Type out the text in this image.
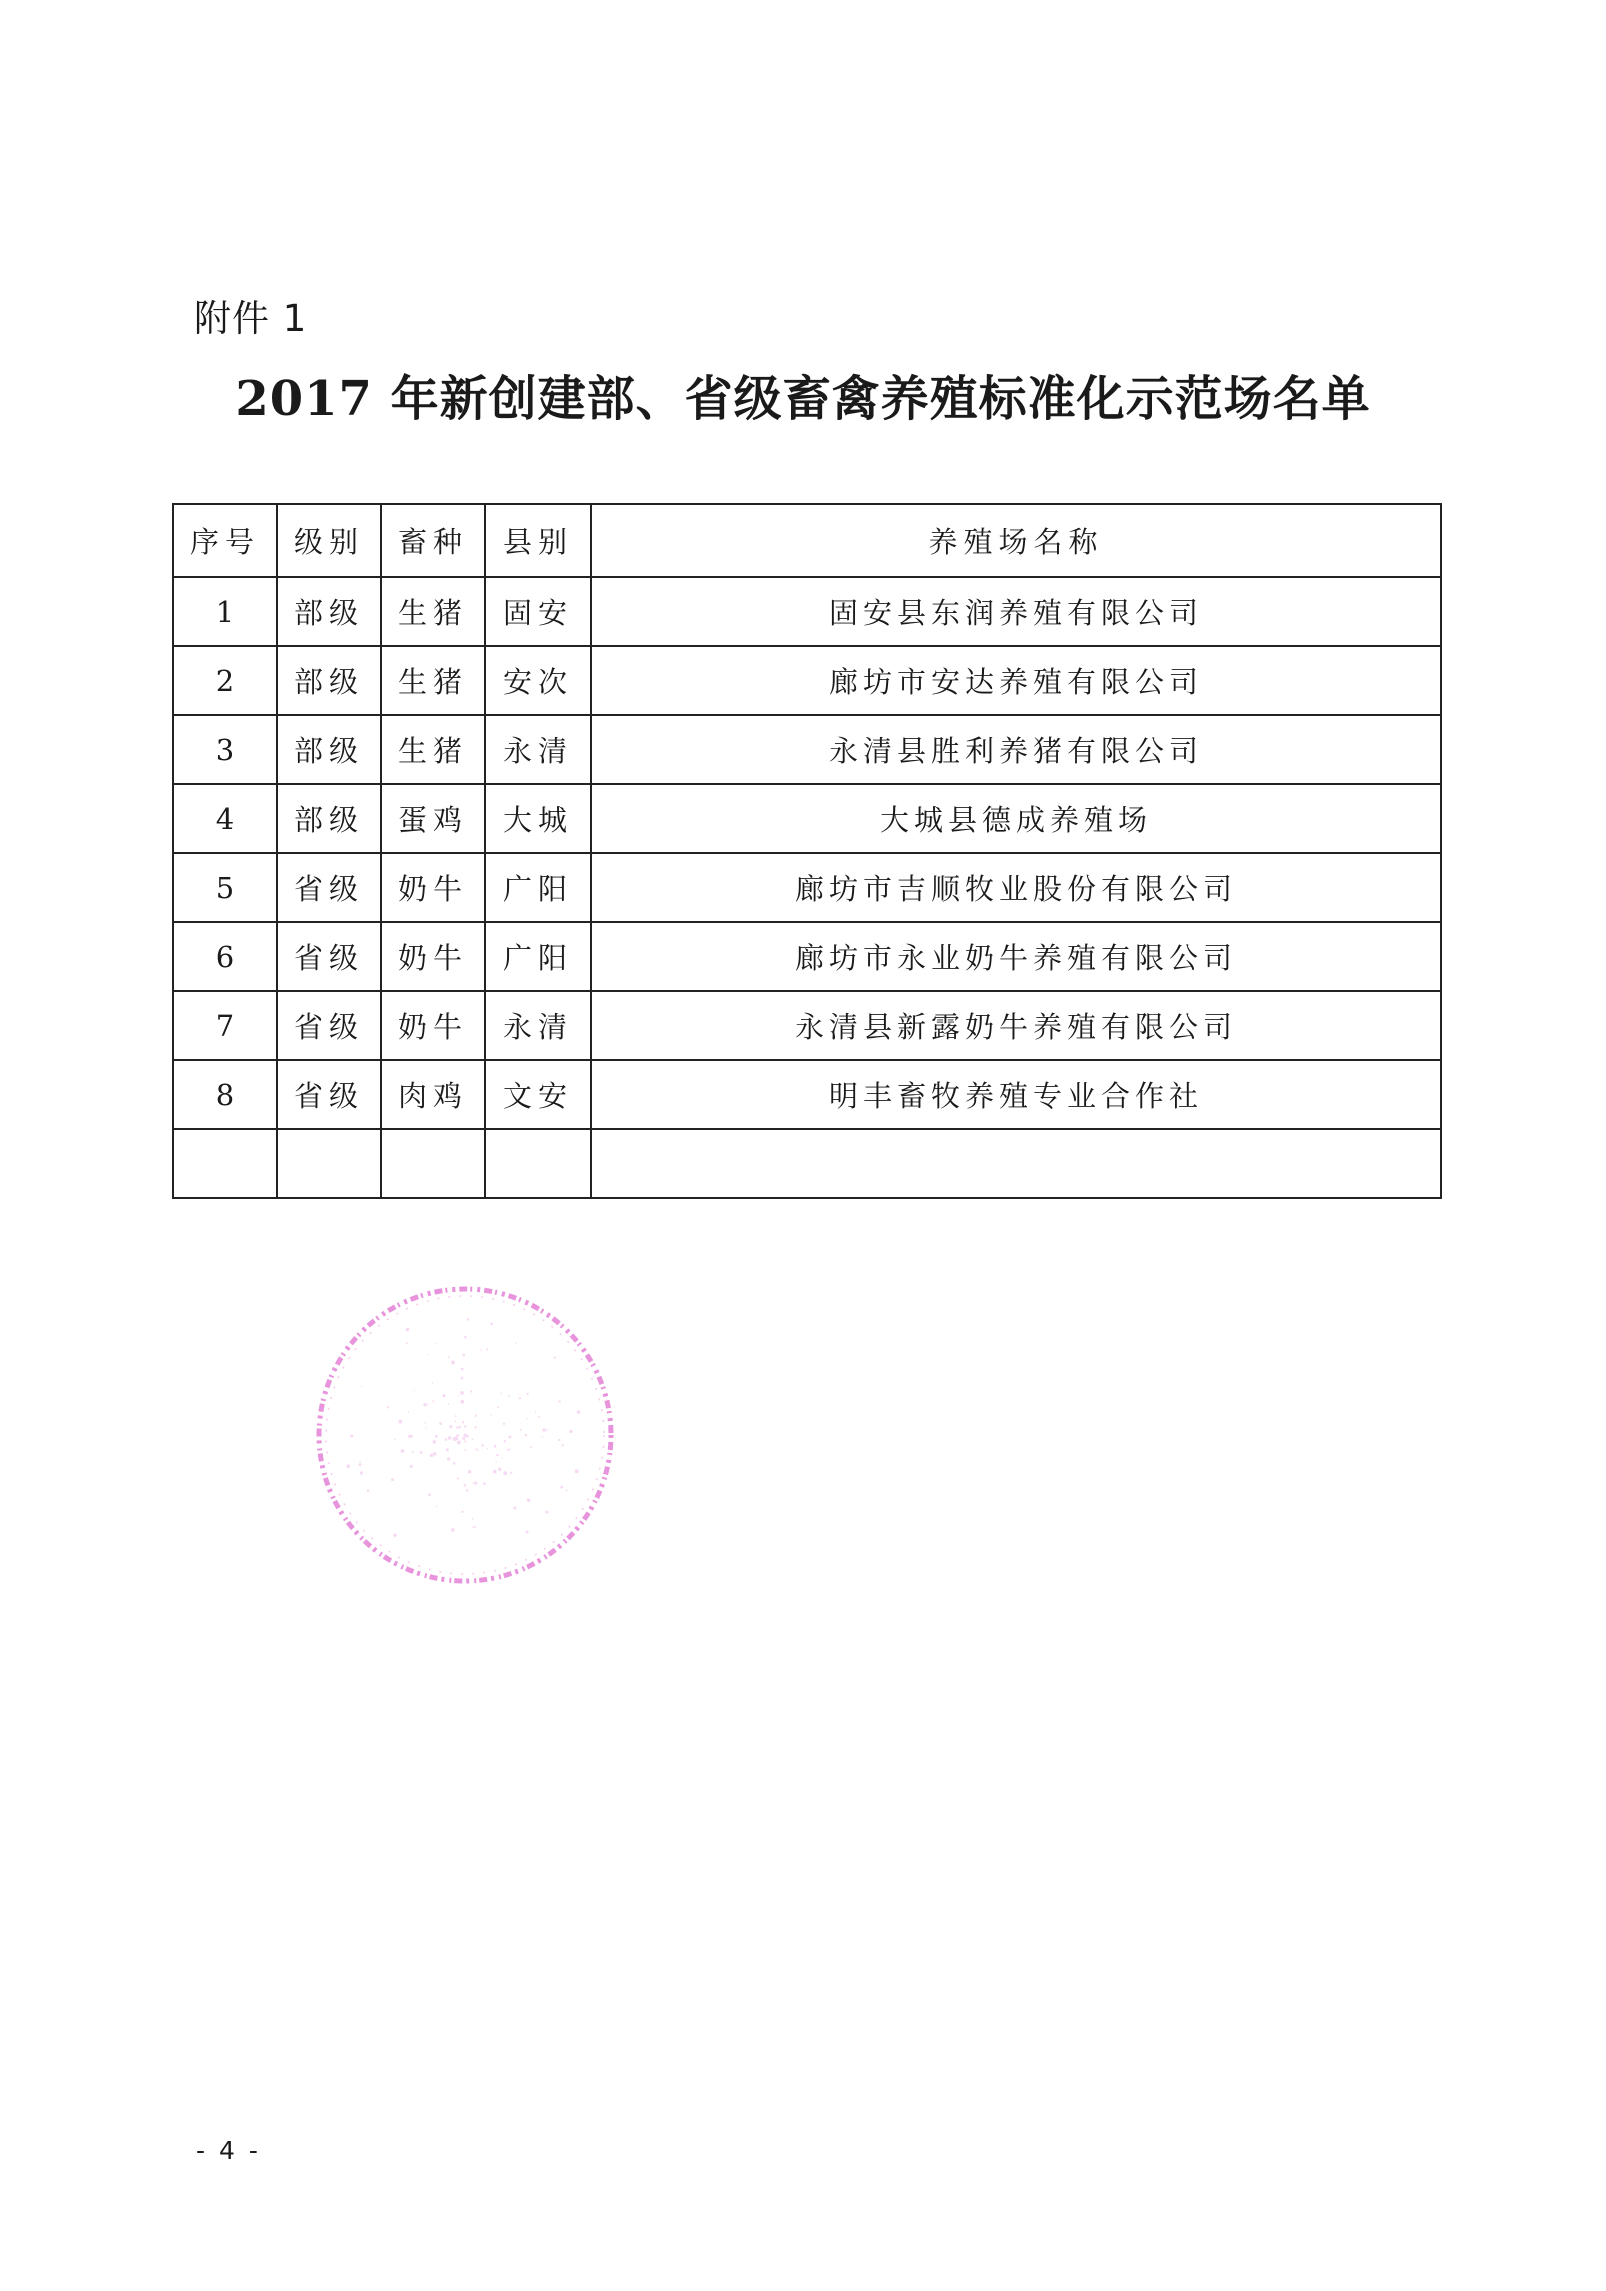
附件 1
2017 年新创建部、省级畜禽养殖标准化示范场名单
序号	级别	畜种	县别	养殖场名称
1	部级	生猪	固安	固安县东润养殖有限公司
2	部级	生猪	安次	廊坊市安达养殖有限公司
3	部级	生猪	永清	永清县胜利养猪有限公司
4	部级	蛋鸡	大城	大城县德成养殖场
5	省级	奶牛	广阳	廊坊市吉顺牧业股份有限公司
6	省级	奶牛	广阳	廊坊市永业奶牛养殖有限公司
7	省级	奶牛	永清	永清县新露奶牛养殖有限公司
8	省级	肉鸡	文安	明丰畜牧养殖专业合作社

- 4 -
